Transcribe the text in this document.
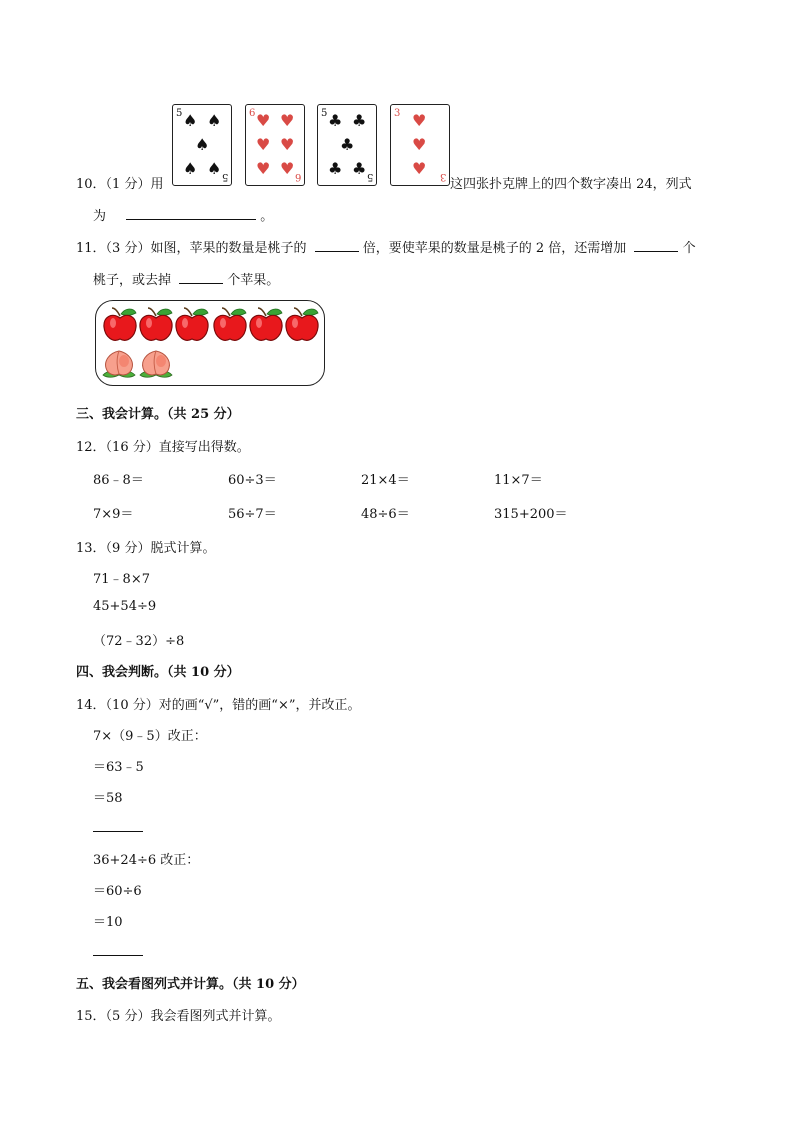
10．（1 分）用
5
5
♠ ♠
♠
♠ ♠
6
6
♥ ♥
♥ ♥
♥ ♥
5
5
♣ ♣
♣
♣ ♣
3
3
♥
♥
♥
这四张扑克牌上的四个数字凑出 24，列式
为	。
11．（3 分）如图，苹果的数量是桃子的	倍，要使苹果的数量是桃子的 2 倍，还需增加	个
桃子，或去掉	个苹果。
三、我会计算。（共 25 分）
12．（16 分）直接写出得数。
86﹣8＝	60÷3＝	21×4＝	11×7＝
7×9＝	56÷7＝	48÷6＝	315+200＝
13．（9 分）脱式计算。
71﹣8×7
45+54÷9
（72﹣32）÷8
四、我会判断。（共 10 分）
14．（10 分）对的画“√”，错的画“×”，并改正。
7×（9﹣5）改正：
＝63﹣5
＝58
36+24÷6 改正：
＝60÷6
＝10
五、我会看图列式并计算。（共 10 分）
15．（5 分）我会看图列式并计算。
